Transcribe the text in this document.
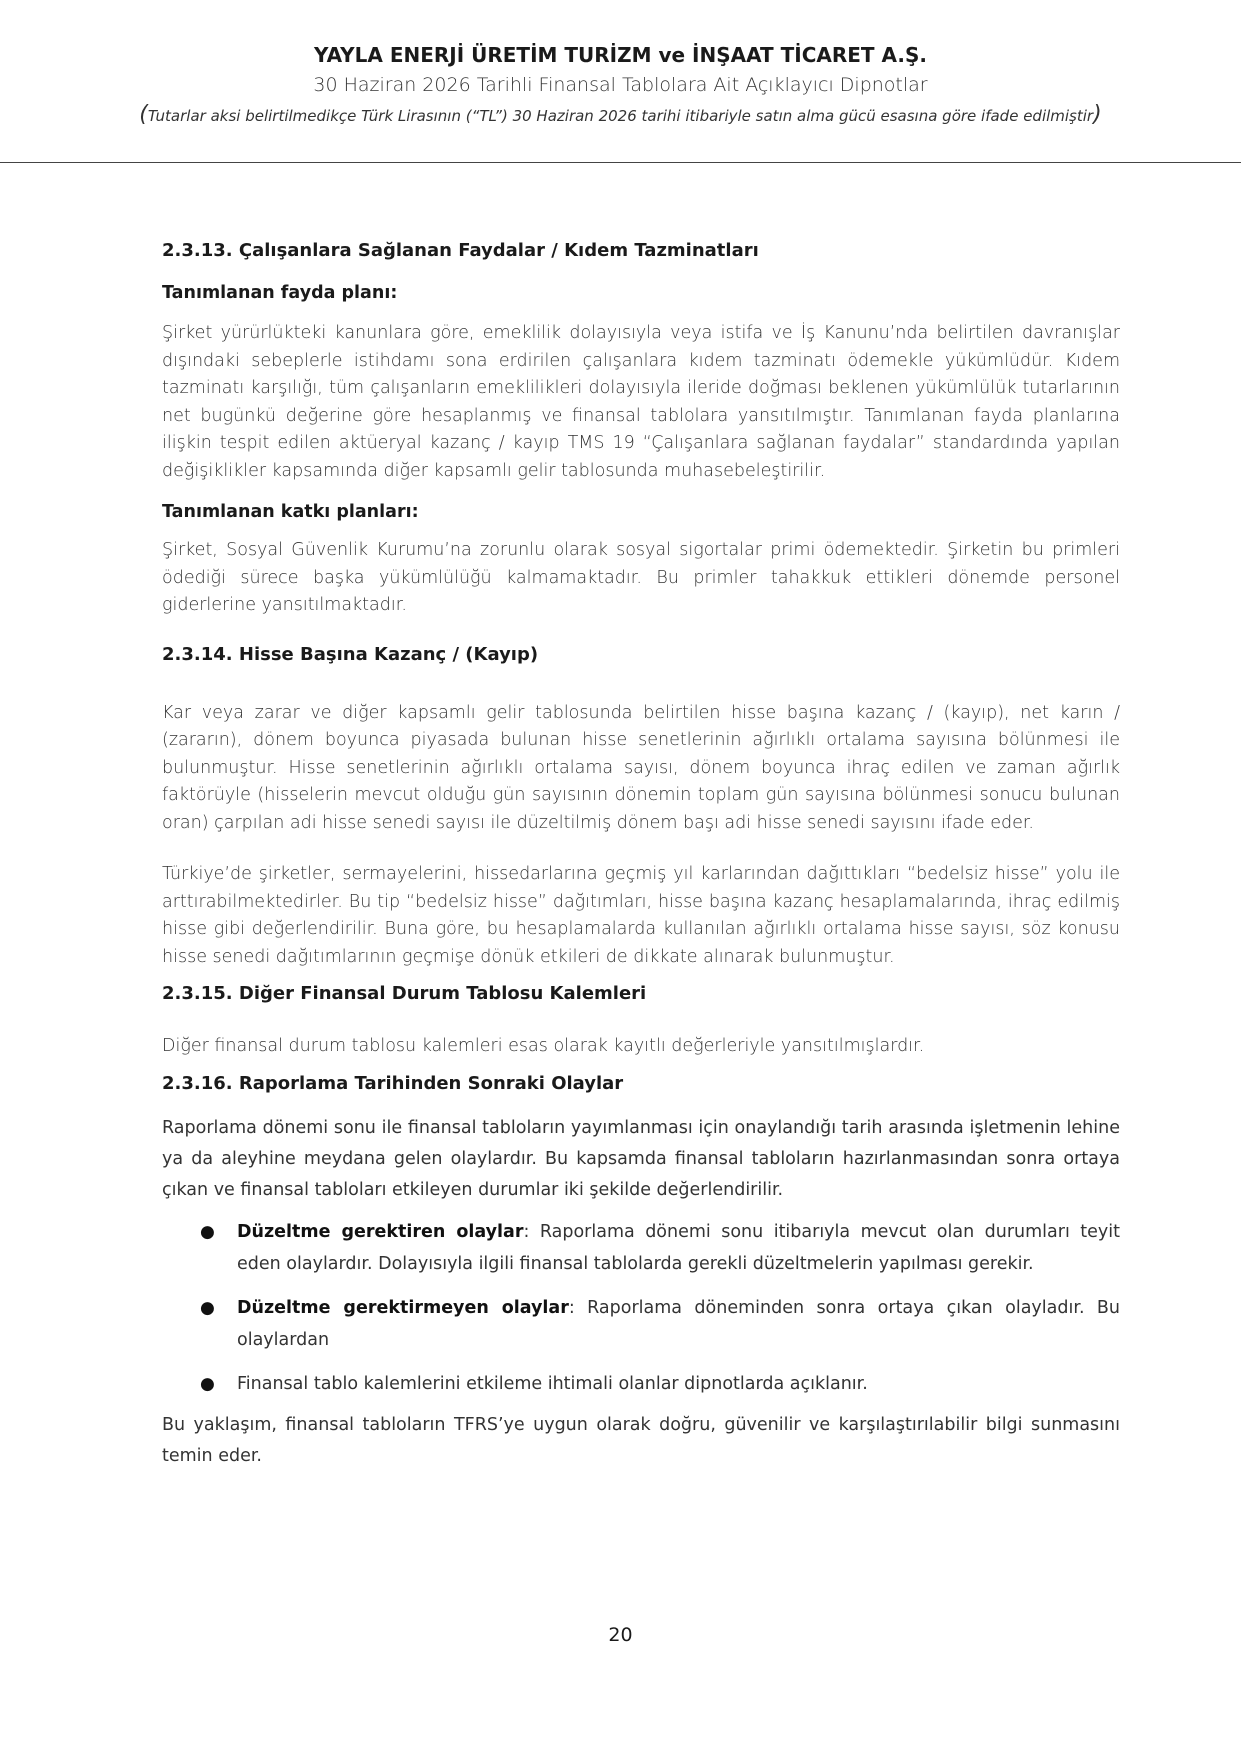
YAYLA ENERJİ ÜRETİM TURİZM ve İNŞAAT TİCARET A.Ş.
30 Haziran 2026 Tarihli Finansal Tablolara Ait Açıklayıcı Dipnotlar
(Tutarlar aksi belirtilmedikçe Türk Lirasının (“TL”) 30 Haziran 2026 tarihi itibariyle satın alma gücü esasına göre ifade edilmiştir)
2.3.13. Çalışanlara Sağlanan Faydalar / Kıdem Tazminatları
Tanımlanan fayda planı:

Şirket yürürlükteki kanunlara göre, emeklilik dolayısıyla veya istifa ve İş Kanunu’nda belirtilen davranışlar dışındaki sebeplerle istihdamı sona erdirilen çalışanlara kıdem tazminatı ödemekle yükümlüdür. Kıdem tazminatı karşılığı, tüm çalışanların emeklilikleri dolayısıyla ileride doğması beklenen yükümlülük tutarlarının net bugünkü değerine göre hesaplanmış ve finansal tablolara yansıtılmıştır. Tanımlanan fayda planlarına ilişkin tespit edilen aktüeryal kazanç / kayıp TMS 19 “Çalışanlara sağlanan faydalar” standardında yapılan değişiklikler kapsamında diğer kapsamlı gelir tablosunda muhasebeleştirilir.

Tanımlanan katkı planları:

Şirket, Sosyal Güvenlik Kurumu’na zorunlu olarak sosyal sigortalar primi ödemektedir. Şirketin bu primleri ödediği sürece başka yükümlülüğü kalmamaktadır. Bu primler tahakkuk ettikleri dönemde personel giderlerine yansıtılmaktadır.

2.3.14. Hisse Başına Kazanç / (Kayıp)

Kar veya zarar ve diğer kapsamlı gelir tablosunda belirtilen hisse başına kazanç / (kayıp), net karın / (zararın), dönem boyunca piyasada bulunan hisse senetlerinin ağırlıklı ortalama sayısına bölünmesi ile bulunmuştur. Hisse senetlerinin ağırlıklı ortalama sayısı, dönem boyunca ihraç edilen ve zaman ağırlık faktörüyle (hisselerin mevcut olduğu gün sayısının dönemin toplam gün sayısına bölünmesi sonucu bulunan oran) çarpılan adi hisse senedi sayısı ile düzeltilmiş dönem başı adi hisse senedi sayısını ifade eder.

Türkiye’de şirketler, sermayelerini, hissedarlarına geçmiş yıl karlarından dağıttıkları “bedelsiz hisse” yolu ile arttırabilmektedirler. Bu tip “bedelsiz hisse” dağıtımları, hisse başına kazanç hesaplamalarında, ihraç edilmiş hisse gibi değerlendirilir. Buna göre, bu hesaplamalarda kullanılan ağırlıklı ortalama hisse sayısı, söz konusu hisse senedi dağıtımlarının geçmişe dönük etkileri de dikkate alınarak bulunmuştur.

2.3.15. Diğer Finansal Durum Tablosu Kalemleri

Diğer finansal durum tablosu kalemleri esas olarak kayıtlı değerleriyle yansıtılmışlardır.

2.3.16. Raporlama Tarihinden Sonraki Olaylar

Raporlama dönemi sonu ile finansal tabloların yayımlanması için onaylandığı tarih arasında işletmenin lehine ya da aleyhine meydana gelen olaylardır. Bu kapsamda finansal tabloların hazırlanmasından sonra ortaya çıkan ve finansal tabloları etkileyen durumlar iki şekilde değerlendirilir.

● Düzeltme gerektiren olaylar: Raporlama dönemi sonu itibarıyla mevcut olan durumları teyit eden olaylardır. Dolayısıyla ilgili finansal tablolarda gerekli düzeltmelerin yapılması gerekir.
● Düzeltme gerektirmeyen olaylar: Raporlama döneminden sonra ortaya çıkan olayladır. Bu olaylardan
● Finansal tablo kalemlerini etkileme ihtimali olanlar dipnotlarda açıklanır.

Bu yaklaşım, finansal tabloların TFRS’ye uygun olarak doğru, güvenilir ve karşılaştırılabilir bilgi sunmasını temin eder.

20
